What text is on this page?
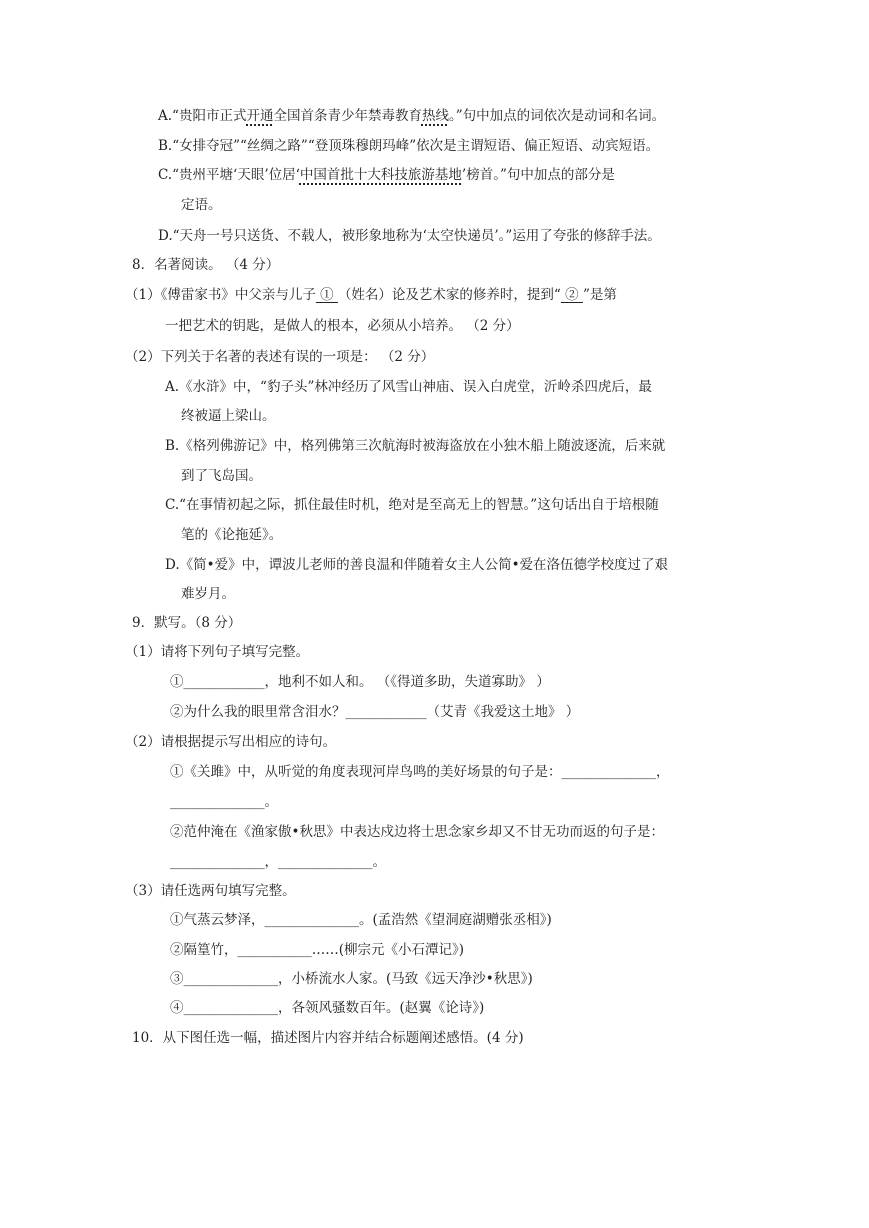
A.“贵阳市正式开通全国首条青少年禁毒教育热线。”句中加点的词依次是动词和名词。
B.“女排夺冠”“丝绸之路”“登顶珠穆朗玛峰”依次是主谓短语、偏正短语、动宾短语。
C.“贵州平塘‘天眼’位居‘中国首批十大科技旅游基地’榜首。”句中加点的部分是
定语。
D.“天舟一号只送货、不载人，被形象地称为‘太空快递员’。”运用了夸张的修辞手法。
8．名著阅读。 （4 分）
（1）《傅雷家书》中父亲与儿子 ① （姓名）论及艺术家的修养时，提到“ ② ”是第
一把艺术的钥匙，是做人的根本，必须从小培养。 （2 分）
（2）下列关于名著的表述有误的一项是： （2 分）
A.《水浒》中，“豹子头”林冲经历了风雪山神庙、误入白虎堂，沂岭杀四虎后，最
终被逼上梁山。
B.《格列佛游记》中，格列佛第三次航海时被海盗放在小独木船上随波逐流，后来就
到了飞岛国。
C.“在事情初起之际，抓住最佳时机，绝对是至高无上的智慧。”这句话出自于培根随
笔的《论拖延》。
D.《简•爱》中，谭波儿老师的善良温和伴随着女主人公简•爱在洛伍德学校度过了艰
难岁月。
9．默写。（8 分）
（1）请将下列句子填写完整。
①____________，地利不如人和。 （《得道多助，失道寡助》 ）
②为什么我的眼里常含泪水？____________（艾青《我爱这土地》 ）
（2）请根据提示写出相应的诗句。
①《关雎》中，从听觉的角度表现河岸鸟鸣的美好场景的句子是：______________，
______________。
②范仲淹在《渔家傲•秋思》中表达戍边将士思念家乡却又不甘无功而返的句子是：
______________，______________。
（3）请任选两句填写完整。
①气蒸云梦泽，______________。(孟浩然《望洞庭湖赠张丞相》)
②隔篁竹，___________……(柳宗元《小石潭记》)
③______________，小桥流水人家。(马致《远天净沙•秋思》)
④______________，各领风骚数百年。(赵翼《论诗》)
10．从下图任选一幅，描述图片内容并结合标题阐述感悟。(4 分)
